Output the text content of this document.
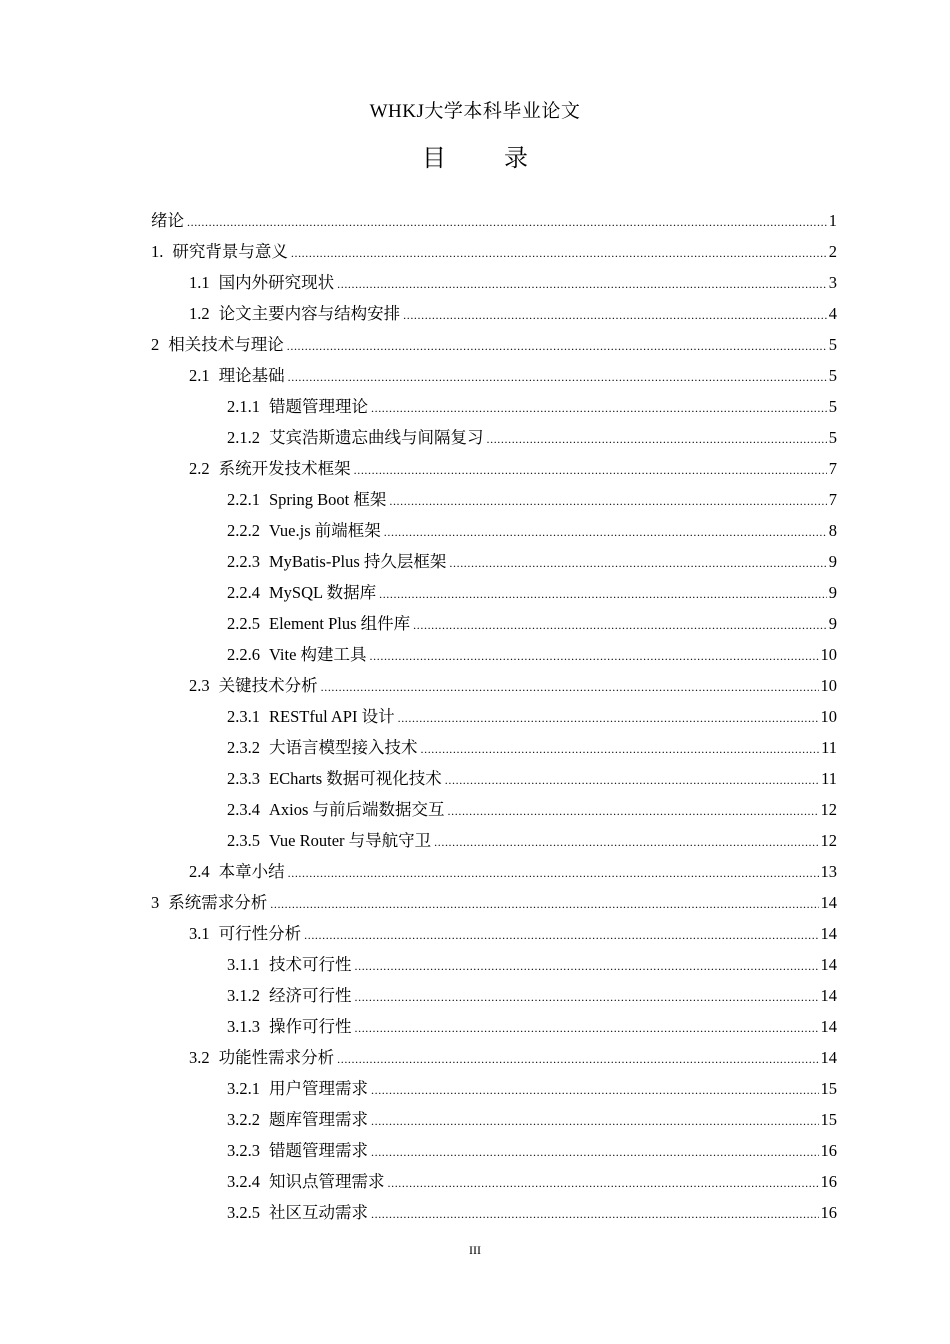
WHKJ大学本科毕业论文
目 录
绪论 .....	1
1. 研究背景与意义 .....	2
1.1 国内外研究现状 .....	3
1.2 论文主要内容与结构安排 .....	4
2 相关技术与理论 .....	5
2.1 理论基础 .....	5
2.1.1 错题管理理论 .....	5
2.1.2 艾宾浩斯遗忘曲线与间隔复习 .....	5
2.2 系统开发技术框架 .....	7
2.2.1 Spring Boot 框架 .....	7
2.2.2 Vue.js 前端框架 .....	8
2.2.3 MyBatis-Plus 持久层框架 .....	9
2.2.4 MySQL 数据库 .....	9
2.2.5 Element Plus 组件库 .....	9
2.2.6 Vite 构建工具 .....	10
2.3 关键技术分析 .....	10
2.3.1 RESTful API 设计 .....	10
2.3.2 大语言模型接入技术 .....	11
2.3.3 ECharts 数据可视化技术 .....	11
2.3.4 Axios 与前后端数据交互 .....	12
2.3.5 Vue Router 与导航守卫 .....	12
2.4 本章小结 .....	13
3 系统需求分析 .....	14
3.1 可行性分析 .....	14
3.1.1 技术可行性 .....	14
3.1.2 经济可行性 .....	14
3.1.3 操作可行性 .....	14
3.2 功能性需求分析 .....	14
3.2.1 用户管理需求 .....	15
3.2.2 题库管理需求 .....	15
3.2.3 错题管理需求 .....	16
3.2.4 知识点管理需求 .....	16
3.2.5 社区互动需求 .....	16
III
